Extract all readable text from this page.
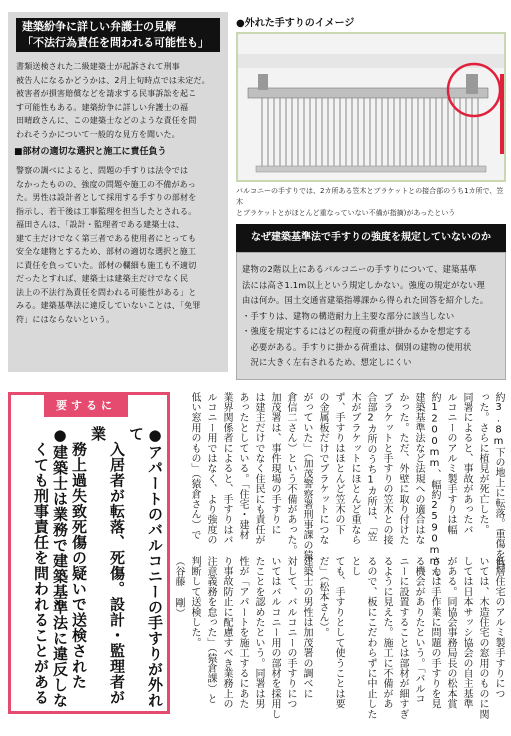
建築紛争に詳しい弁護士の見解
「不法行為責任を問われる可能性も」
書類送検された二級建築士が起訴されて刑事
被告人になるかどうかは、2月上旬時点では未定だ。
被害者が損害賠償などを請求する民事訴訟を起こ
す可能性もある。建築紛争に詳しい弁護士の福
田晴政さんに、この建築士などのような責任を問
われそうかについて一般的な見方を聞いた。
■部材の適切な選択と施工に責任負う
警察の調べによると、問題の手すりは法令では
なかったものの、強度の問題や施工の不備があっ
た。男性は設計者として採用する手すりの部材を
指示し、若干後は工事監理を担当したとされる。
福田さんは、「設計・監理者である建築士は、
建て主だけでなく第三者である使用者にとっても
安全な建物とするため、部材の適切な選択と施工
に責任を負っていた。部材の欄細も施工も不適切
だったとすれば、建築士は建築主だけでなく民
法上の不法行為責任を問われる可能性がある」と
みる。建築基準法に違反していないことは、「免罪
符」にはならないという。
●外れた手すりのイメージ
バルコニーの手すりでは、2カ所ある笠木とブラケットとの接合部のうち1カ所で、笠木
とブラケットとがほとんど重なっていない不備が指摘)があったという
なぜ建築基準法で手すりの強度を規定していないのか
建物の2階以上にあるバルコニーの手すりについて、建築基準
法には高さ1.1m以上という規定しかない。強度の規定がない理
由は何か。国土交通省建築指導課から得られた回答を紹介した。
・手すりは、建物の構造耐力上主要な部分に該当しない
・強度を規定するにはどの程度の荷重が掛かるかを想定する
　必要がある。手すりに掛かる荷重は、個別の建物の使用状
　況に大きく左右されるため、想定しにくい
要するに
●アパートのバルコニーの手すりが外れて
　入居者が転落、死傷。設計・監理者が業
　務上過失致死傷の疑いで送検された
●建築士は業務で建築基準法に違反しな
　くても刑事責任を問われることがある	約3.8m下の地上に転落。重傷を負
った。さらに植見が死亡した。
同署によると、事故があったバ
ルコニーのアルミ製手すりは幅
約1200mm、幅約2590mmで、
建築基準法など法規への適合はな
かった。ただ、外壁に取り付けた
ブラケットと手すりの笠木との接
合部2カ所のうち1カ所は、「笠
木がブラケットにほとんど重なら
ず、手すりはほとんど笠木の下
の金属板だけでブラケットにつな
がっていた」（加茂警察署刑事課の猿
倉信二さん）という不備があった。
加茂署は、事件現場の手すりに
は建主だけでなく住民にも責任が
あったとしている。「住宅・建材
業界関係者によると、手すりはバ
ルコニー用ではなく、より強度の
低い窓用のもの」（猿倉さん）で
低層住宅のアルミ製手すりにつ
いては、木造住宅の窓用のものに関
しては日本サッシ協会の自主基準
がある。同協会事務局長の松本賞
さんは手作業に問題の手すりを見
る機会がありたという。「バルコ
ニーに設置することは部材が細すぎ
るように見えた。施工に不備があ
るので、板にこだわらずに中止したとし
ても、手すりとして使うことは要
だ」（松本さん）。
建築士の男性は加茂署の調べに
対して、バルコニーの手すりにつ
いてはバルコニー用の部材を採用し
たことを認めたという。同署は男
性が「アパートを施工するにあた
り事故防止に配慮すべき業務上の
注意義務を怠った」（猿倉課）と
判断して送検した。
（谷藤 剛）
